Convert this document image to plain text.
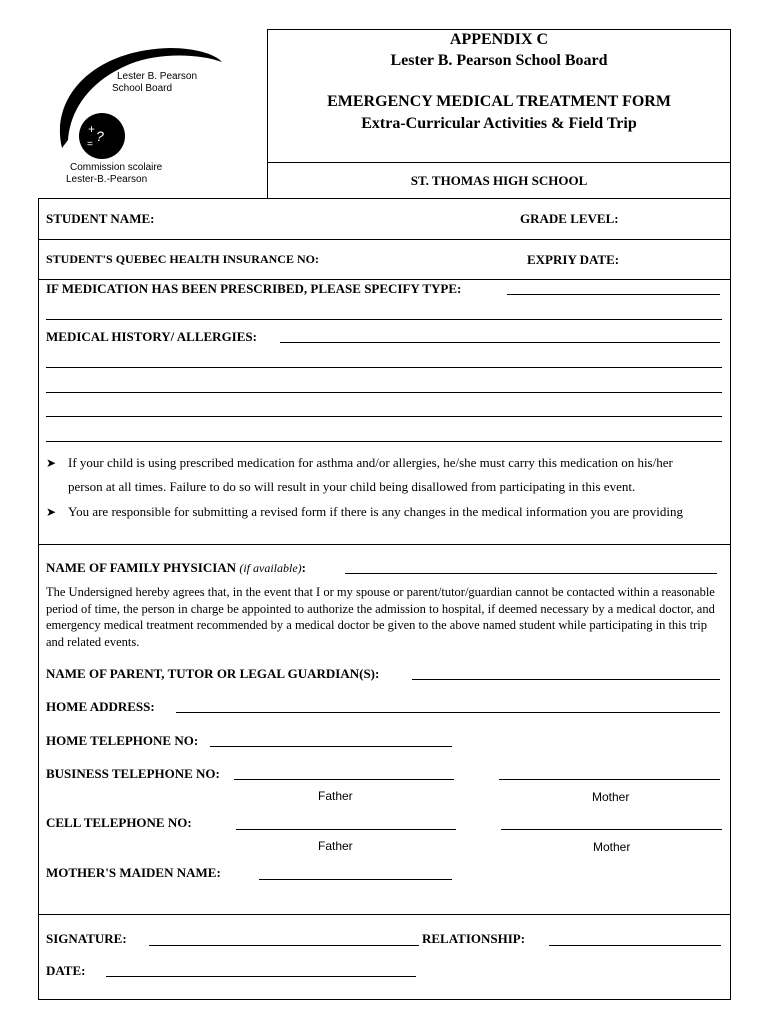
+ ?
=
Lester B. Pearson
School Board
Commission scolaire
Lester-B.-Pearson
APPENDIX C
Lester B. Pearson School Board
EMERGENCY MEDICAL TREATMENT FORM
Extra-Curricular Activities & Field Trip
ST. THOMAS HIGH SCHOOL
STUDENT NAME:	GRADE LEVEL:
STUDENT'S QUEBEC HEALTH INSURANCE NO:	EXPRIY DATE:
IF MEDICATION HAS BEEN PRESCRIBED, PLEASE SPECIFY TYPE:
MEDICAL HISTORY/ ALLERGIES:
➤ If your child is using prescribed medication for asthma and/or allergies, he/she must carry this medication on his/her
person at all times. Failure to do so will result in your child being disallowed from participating in this event.
➤ You are responsible for submitting a revised form if there is any changes in the medical information you are providing
NAME OF FAMILY PHYSICIAN (if available):
The Undersigned hereby agrees that, in the event that I or my spouse or parent/tutor/guardian cannot be contacted within a reasonable period of time, the person in charge be appointed to authorize the admission to hospital, if deemed necessary by a medical doctor, and emergency medical treatment recommended by a medical doctor be given to the above named student while participating in this trip and related events.
NAME OF PARENT, TUTOR OR LEGAL GUARDIAN(S):
HOME ADDRESS:
HOME TELEPHONE NO:
BUSINESS TELEPHONE NO:
Father	Mother
CELL TELEPHONE NO:
Father	Mother
MOTHER'S MAIDEN NAME:
SIGNATURE:	RELATIONSHIP:
DATE:
